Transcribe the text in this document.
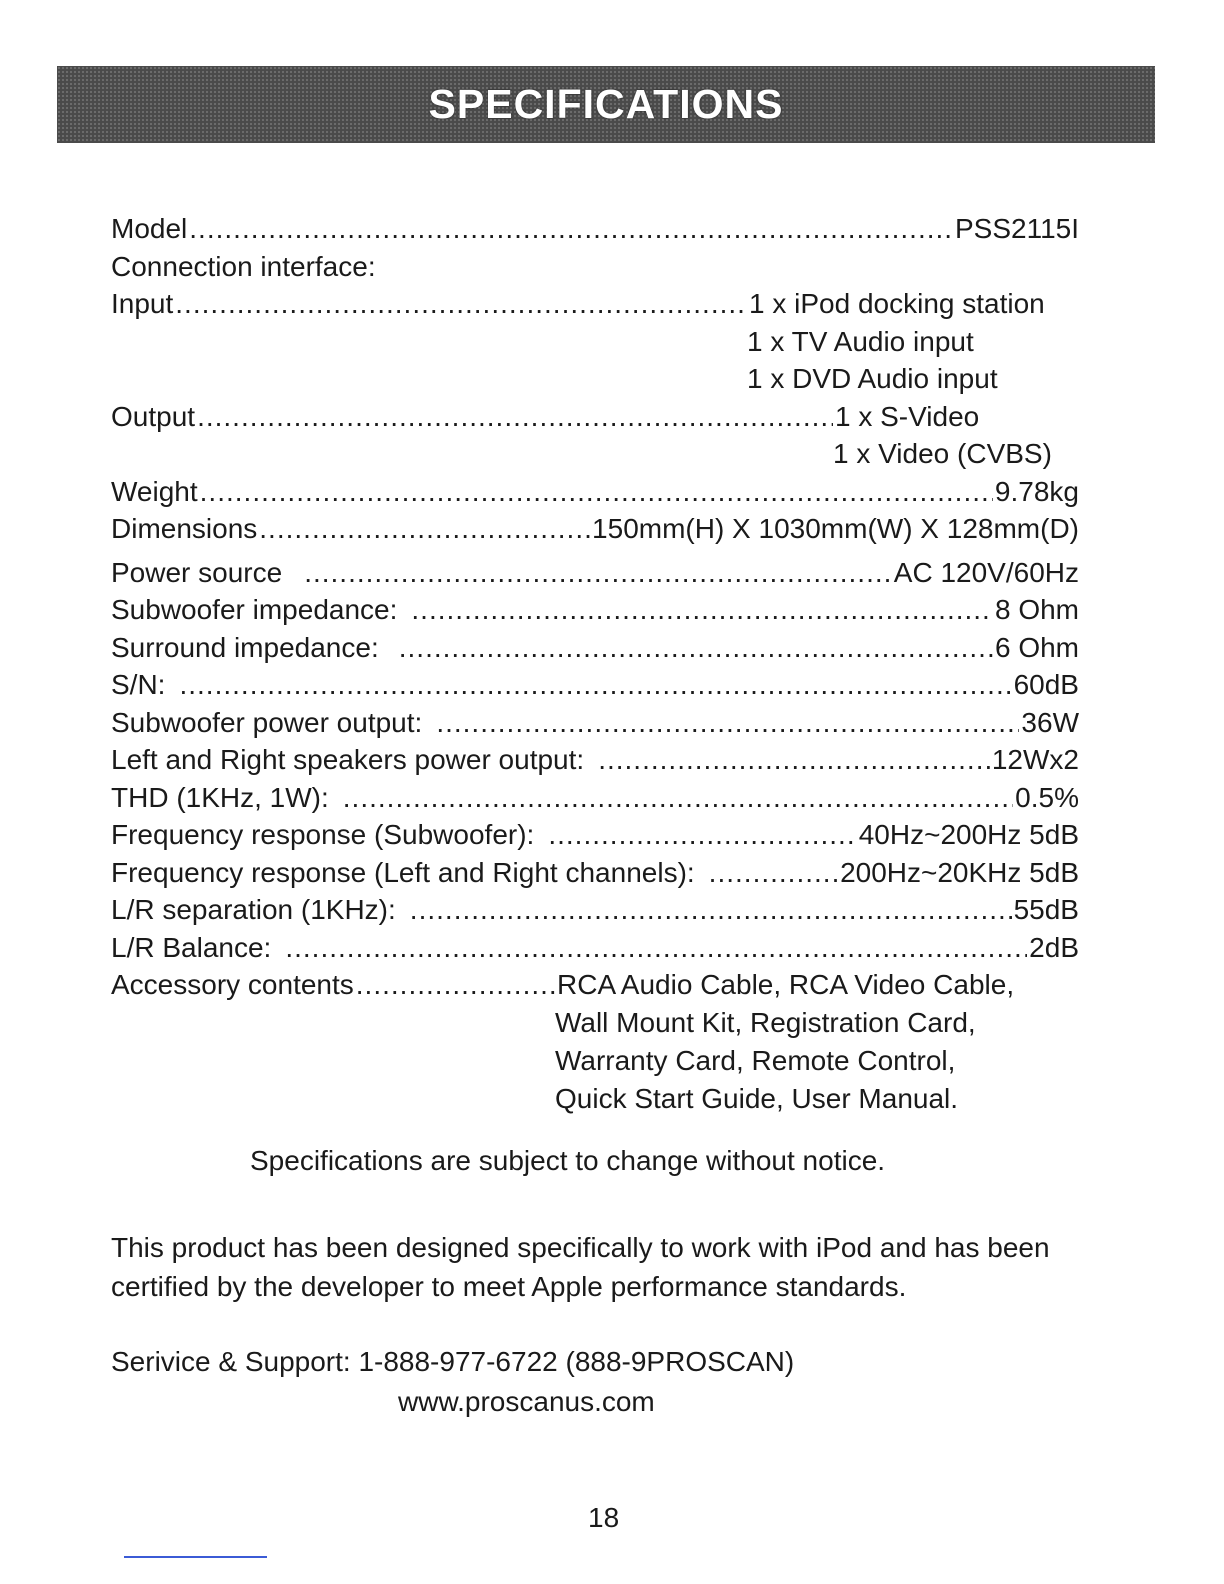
SPECIFICATIONS
Model .....	PSS2115I
Connection interface:
Input .....	1 x iPod docking station
1 x TV Audio input
1 x DVD Audio input
Output .....	1 x S-Video
1 x Video (CVBS)
Weight .....	9.78kg
Dimensions .....	150mm(H) X 1030mm(W) X 128mm(D)
Power source .....	AC 120V/60Hz
Subwoofer impedance: .....	8 Ohm
Surround impedance: .....	6 Ohm
S/N: .....	60dB
Subwoofer power output: .....	36W
Left and Right speakers power output: .....	12Wx2
THD (1KHz, 1W): .....	0.5%
Frequency response (Subwoofer): .....	40Hz~200Hz 5dB
Frequency response (Left and Right channels): .....	200Hz~20KHz 5dB
L/R separation (1KHz): .....	55dB
L/R Balance: .....	2dB
Accessory contents .....	RCA Audio Cable, RCA Video Cable,
Wall Mount Kit, Registration Card,
Warranty Card, Remote Control,
Quick Start Guide, User Manual.
Specifications are subject to change without notice.
This product has been designed specifically to work with iPod and has been certified by the developer to meet Apple performance standards.
Serivice & Support: 1-888-977-6722 (888-9PROSCAN)
www.proscanus.com
18
